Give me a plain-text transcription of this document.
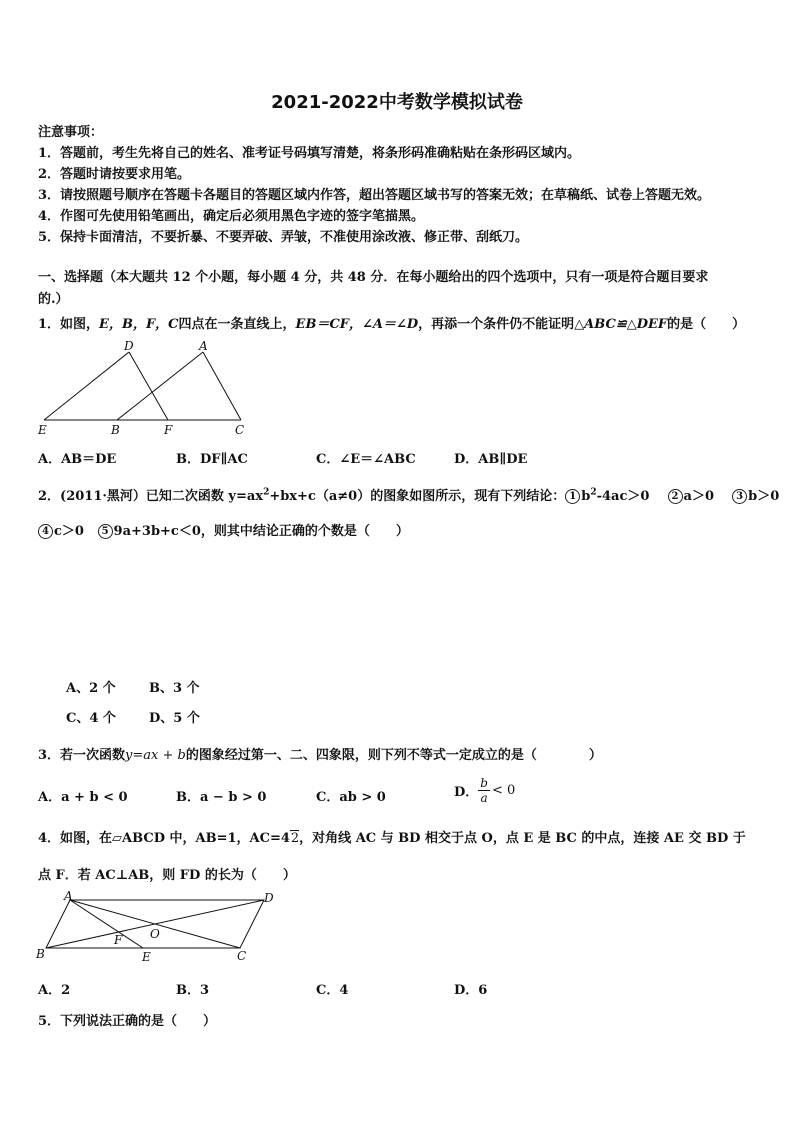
2021-2022中考数学模拟试卷
注意事项：
1．答题前，考生先将自己的姓名、准考证号码填写清楚，将条形码准确粘贴在条形码区域内。
2．答题时请按要求用笔。
3．请按照题号顺序在答题卡各题目的答题区域内作答，超出答题区域书写的答案无效；在草稿纸、试卷上答题无效。
4．作图可先使用铅笔画出，确定后必须用黑色字迹的签字笔描黑。
5．保持卡面清洁，不要折暴、不要弄破、弄皱，不准使用涂改液、修正带、刮纸刀。
一、选择题（本大题共 12 个小题，每小题 4 分，共 48 分．在每小题给出的四个选项中，只有一项是符合题目要求
的.）
1．如图，E，B，F，C四点在一条直线上，EB＝CF，∠A＝∠D，再添一个条件仍不能证明△ABC≌△DEF的是（　　）
D	A
E	B	F	C
A．AB＝DE	B．DF∥AC	C．∠E＝∠ABC	D．AB∥DE
2．(2011·黑河）已知二次函数 $y=ax^2+bx+c(a\ne 0)$的图象如图所示，现有下列结论： 1 $b^2-4ac>0$ 2 a＞0 3 b＞0
4 c＞0 5 9a+3b+c＜0，则其中结论正确的个数是（　　）
A、2 个	B、3 个
C、4 个	D、5 个
3．若一次函数y=ax + b的图象经过第一、二、四象限，则下列不等式一定成立的是（　　　　）
A．a + b < 0	B．a − b > 0	C．ab > 0	D． $\frac{b}{a} < 0$
4．如图，在▱ABCD 中，AB=1，AC=42，对角线 AC 与 BD 相交于点 O，点 E 是 BC 的中点，连接 AE 交 BD 于
点 F．若 AC⊥AB，则 FD 的长为（　　）
A	D
B	C
F O
E
A．2	B．3	C．4	D．6
5．下列说法正确的是（　　）
